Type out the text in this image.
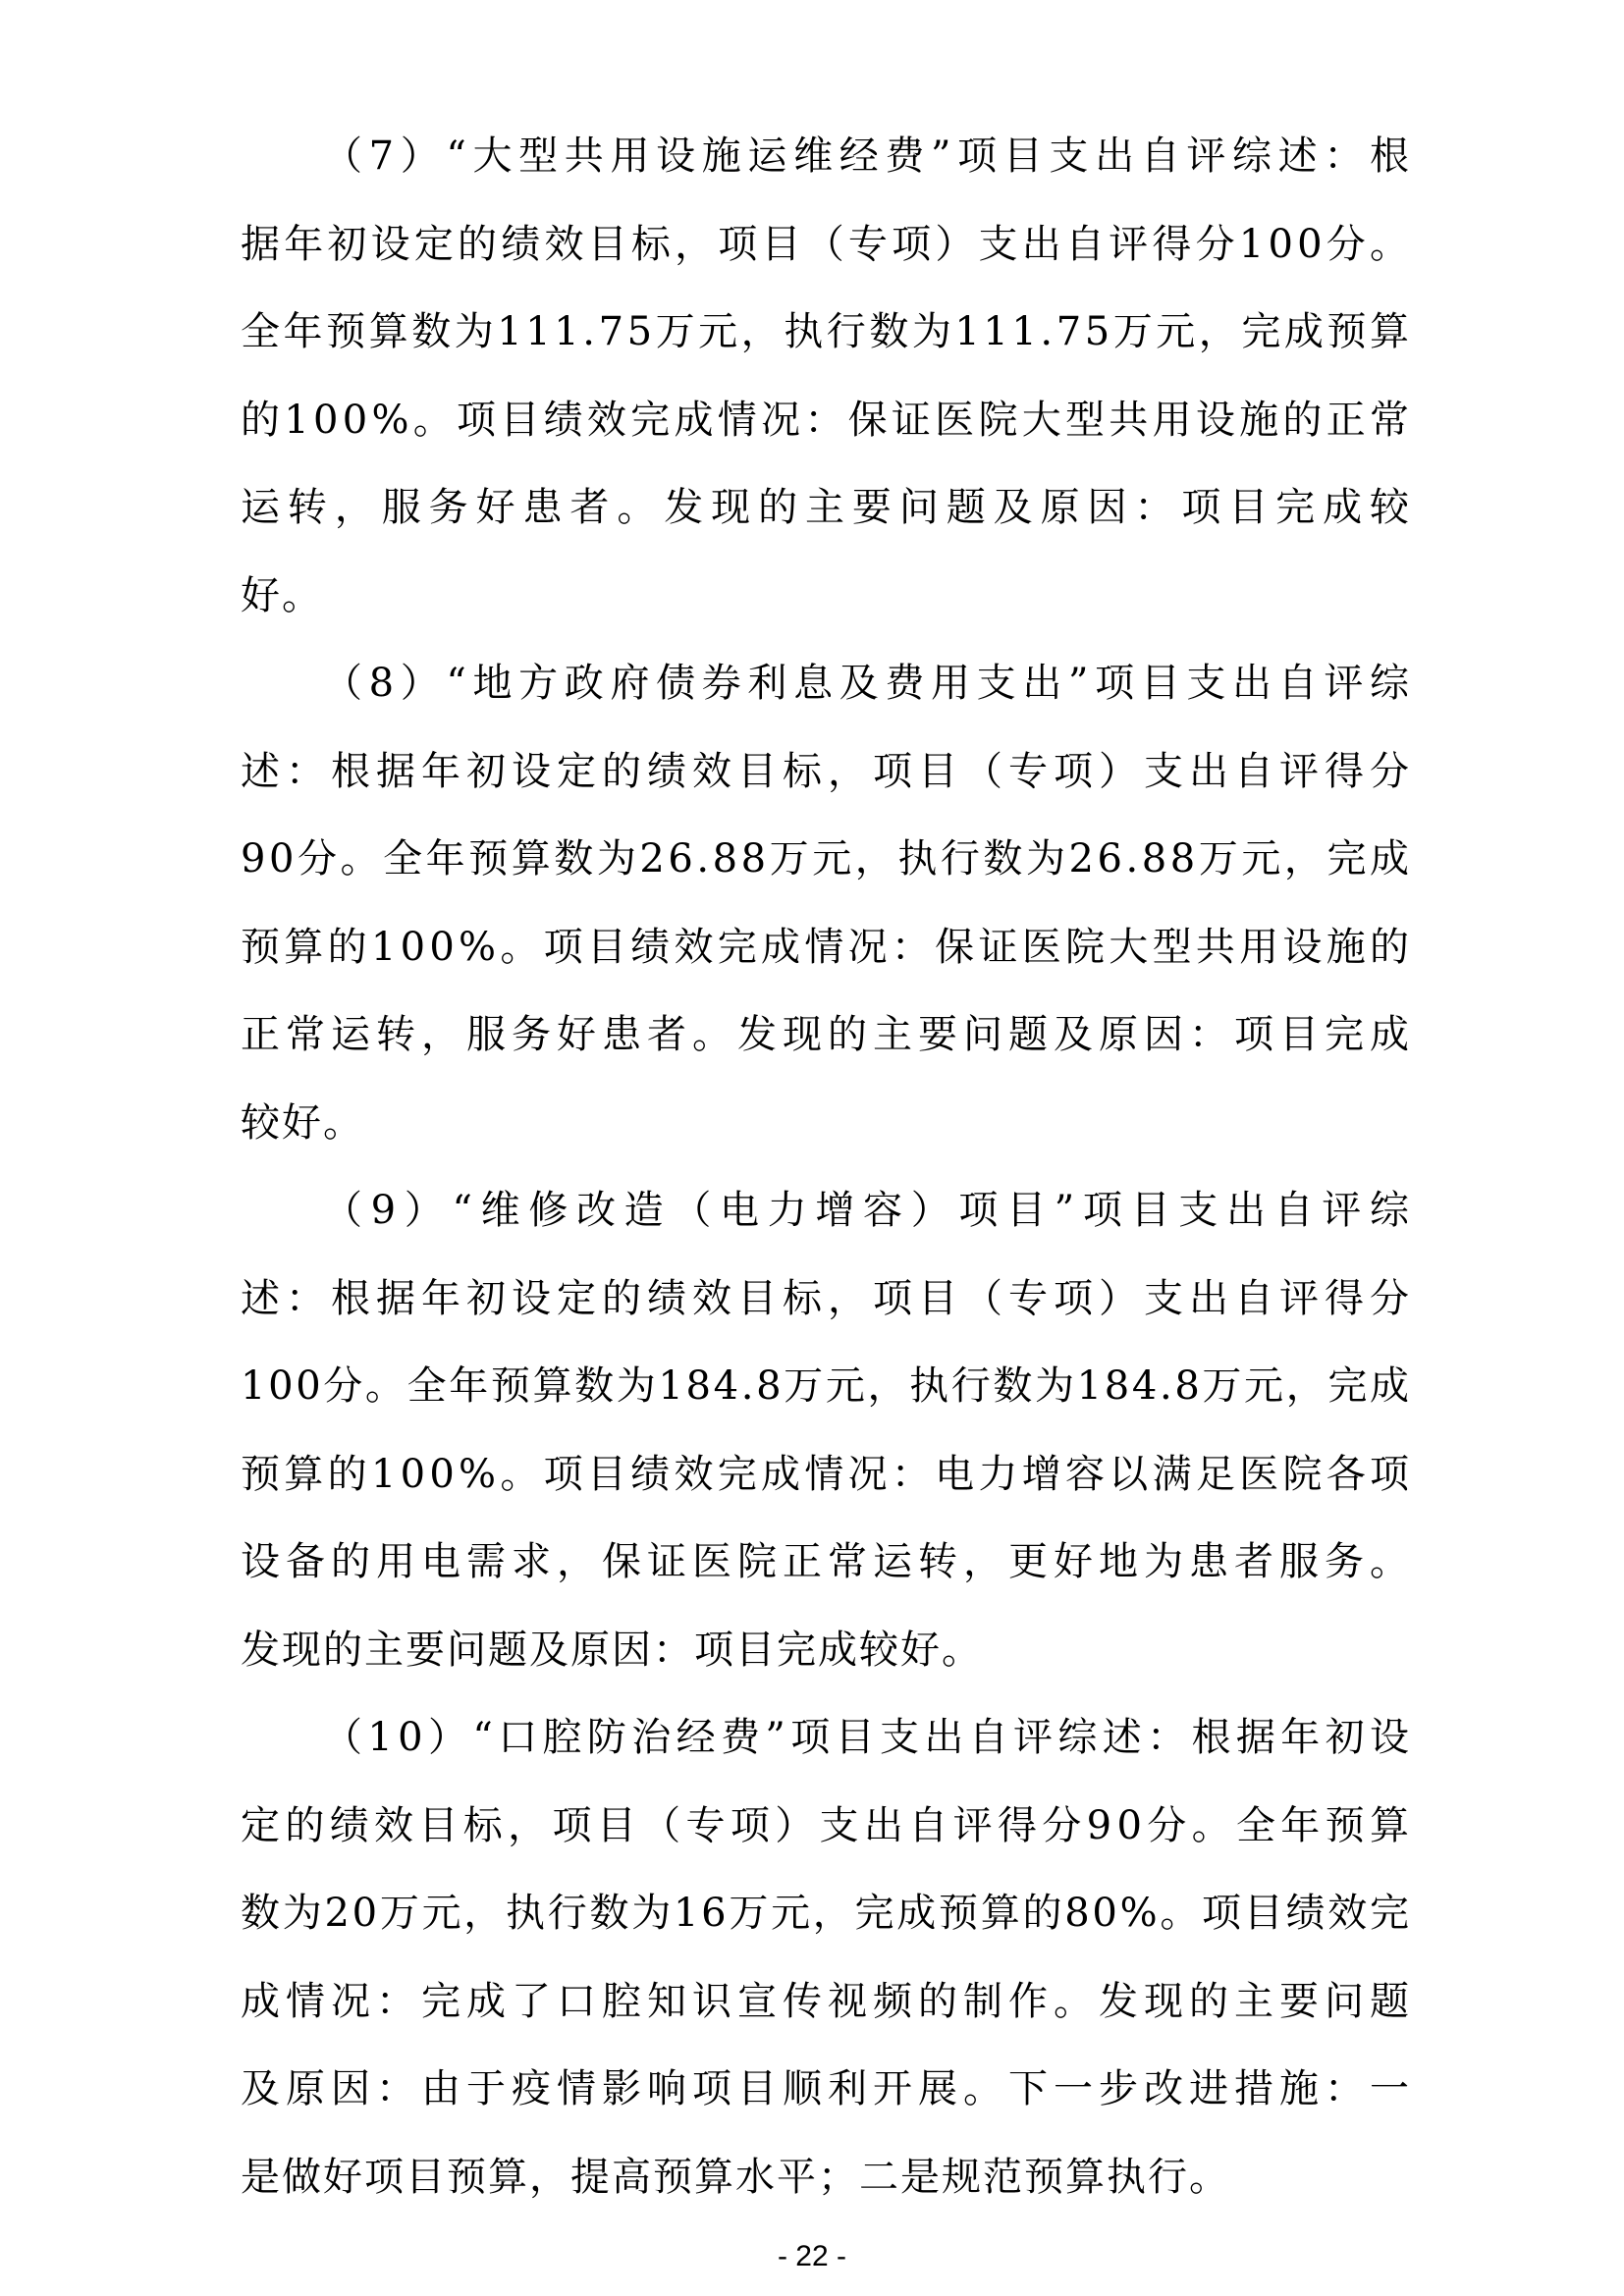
（7）“大型共用设施运维经费”项目支出自评综述：根
据年初设定的绩效目标，项目（专项）支出自评得分100分。
全年预算数为111.75万元，执行数为111.75万元，完成预算
的100%。项目绩效完成情况：保证医院大型共用设施的正常
运转，服务好患者。发现的主要问题及原因：项目完成较
好。
（8）“地方政府债券利息及费用支出”项目支出自评综
述：根据年初设定的绩效目标，项目（专项）支出自评得分
90分。全年预算数为26.88万元，执行数为26.88万元，完成
预算的100%。项目绩效完成情况：保证医院大型共用设施的
正常运转，服务好患者。发现的主要问题及原因：项目完成
较好。
（9）“维修改造（电力增容）项目”项目支出自评综
述：根据年初设定的绩效目标，项目（专项）支出自评得分
100分。全年预算数为184.8万元，执行数为184.8万元，完成
预算的100%。项目绩效完成情况：电力增容以满足医院各项
设备的用电需求，保证医院正常运转，更好地为患者服务。
发现的主要问题及原因：项目完成较好。
（10）“口腔防治经费”项目支出自评综述：根据年初设
定的绩效目标，项目（专项）支出自评得分90分。全年预算
数为20万元，执行数为16万元，完成预算的80%。项目绩效完
成情况：完成了口腔知识宣传视频的制作。发现的主要问题
及原因：由于疫情影响项目顺利开展。下一步改进措施：一
是做好项目预算，提高预算水平；二是规范预算执行。
- 22 -
